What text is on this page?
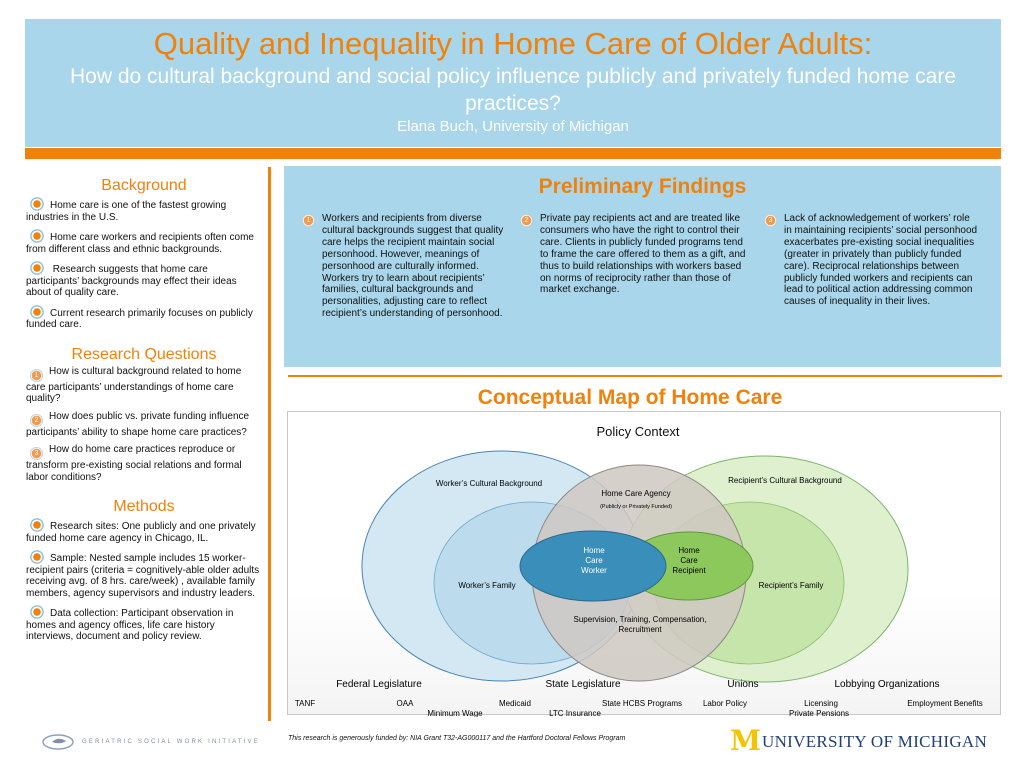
Quality and Inequality in Home Care of Older Adults:
How do cultural background and social policy influence publicly and privately funded home care practices?
Elana Buch, University of Michigan
Background
Home care is one of the fastest growing industries in the U.S.
Home care workers and recipients often come from different class and ethnic backgrounds.
Research suggests that home care participants’ backgrounds may effect their ideas about of quality care.
Current research primarily focuses on publicly funded care.
Research Questions
1 How is cultural background related to home care participants’ understandings of home care quality?
2 How does public vs. private funding influence participants’ ability to shape home care practices?
3 How do home care practices reproduce or transform pre-existing social relations and formal labor conditions?
Methods
Research sites: One publicly and one privately funded home care agency in Chicago, IL.
Sample: Nested sample includes 15 worker-recipient pairs (criteria = cognitively-able older adults receiving avg. of 8 hrs. care/week) , available family members, agency supervisors and industry leaders.
Data collection: Participant observation in homes and agency offices, life care history interviews, document and policy review.
Preliminary Findings
1	Workers and recipients from diverse cultural backgrounds suggest that quality care helps the recipient maintain social personhood. However, meanings of personhood are culturally informed. Workers try to learn about recipients’ families, cultural backgrounds and personalities, adjusting care to reflect recipient’s understanding of personhood.
2	Private pay recipients act and are treated like consumers who have the right to control their care. Clients in publicly funded programs tend to frame the care offered to them as a gift, and thus to build relationships with workers based on norms of reciprocity rather than those of market exchange.
3	Lack of acknowledgement of workers’ role in maintaining recipients’ social personhood exacerbates pre-existing social inequalities (greater in privately than publicly funded care). Reciprocal relationships between publicly funded workers and recipients can lead to political action addressing common causes of inequality in their lives.
Conceptual Map of Home Care
Policy Context
Worker’s Cultural Background	Recipient’s Cultural Background
Worker’s Family	Recipient’s Family
Home Care Agency
(Publicly or Privately Funded)
Home
Care
Worker
Home
Care
Recipient
Supervision, Training, Compensation,
Recruitment
Federal Legislature	State Legislature	Unions	Lobbying Organizations
TANF	OAA	Medicaid	State HCBS Programs	Labor Policy	Licensing	Employment Benefits
Minimum Wage	LTC Insurance	Private Pensions
This research is generously funded by: NIA Grant T32-AG000117 and the Hartford Doctoral Fellows Program
GERIATRIC SOCIAL WORK INITIATIVE	M UNIVERSITY OF MICHIGAN
